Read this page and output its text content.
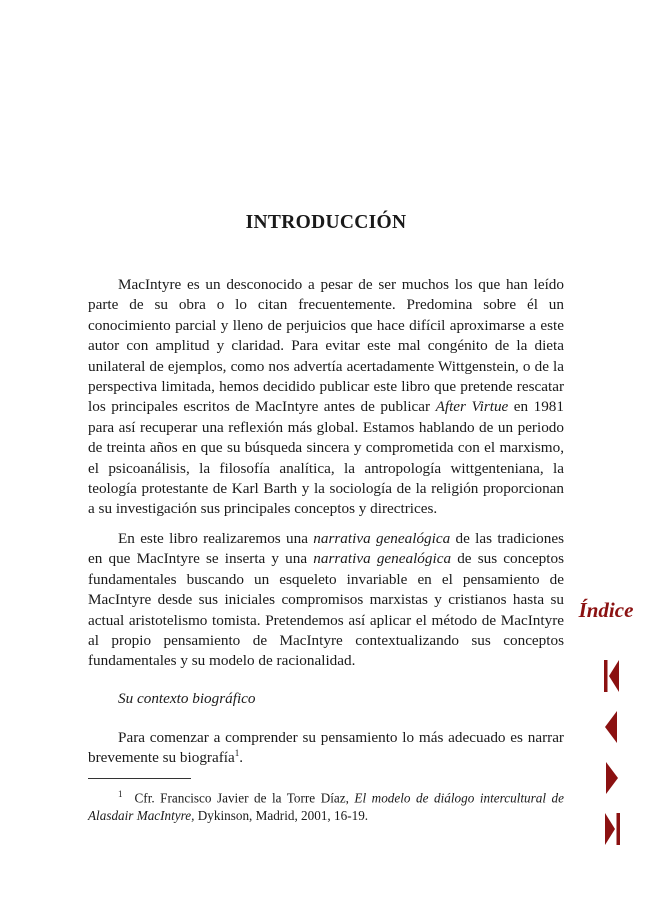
INTRODUCCIÓN

MacIntyre es un desconocido a pesar de ser muchos los que han leído parte de su obra o lo citan frecuentemente. Predomina sobre él un conocimiento parcial y lleno de perjuicios que hace difícil aproximarse a este autor con amplitud y claridad. Para evitar este mal congénito de la dieta unilateral de ejemplos, como nos advertía acertadamente Wittgenstein, o de la perspectiva limitada, hemos decidido publicar este libro que pretende rescatar los principales escritos de MacIntyre antes de publicar After Virtue en 1981 para así recuperar una reflexión más global. Estamos hablando de un periodo de treinta años en que su búsqueda sincera y comprometida con el marxismo, el psicoanálisis, la filosofía analítica, la antropología wittgenteniana, la teología protestante de Karl Barth y la sociología de la religión proporcionan a su investigación sus principales conceptos y directrices.

En este libro realizaremos una narrativa genealógica de las tradiciones en que MacIntyre se inserta y una narrativa genealógica de sus conceptos fundamentales buscando un esqueleto invariable en el pensamiento de MacIntyre desde sus iniciales compromisos marxistas y cristianos hasta su actual aristotelismo tomista. Pretendemos así aplicar el método de MacIntyre al propio pensamiento de MacIntyre contextualizando sus conceptos fundamentales y su modelo de racionalidad.

Su contexto biográfico

Para comenzar a comprender su pensamiento lo más adecuado es narrar brevemente su biografía$^1$.

$^1$ Cfr. Francisco Javier de la Torre Díaz, El modelo de diálogo intercultural de Alasdair MacIntyre, Dykinson, Madrid, 2001, 16-19.

Índice
